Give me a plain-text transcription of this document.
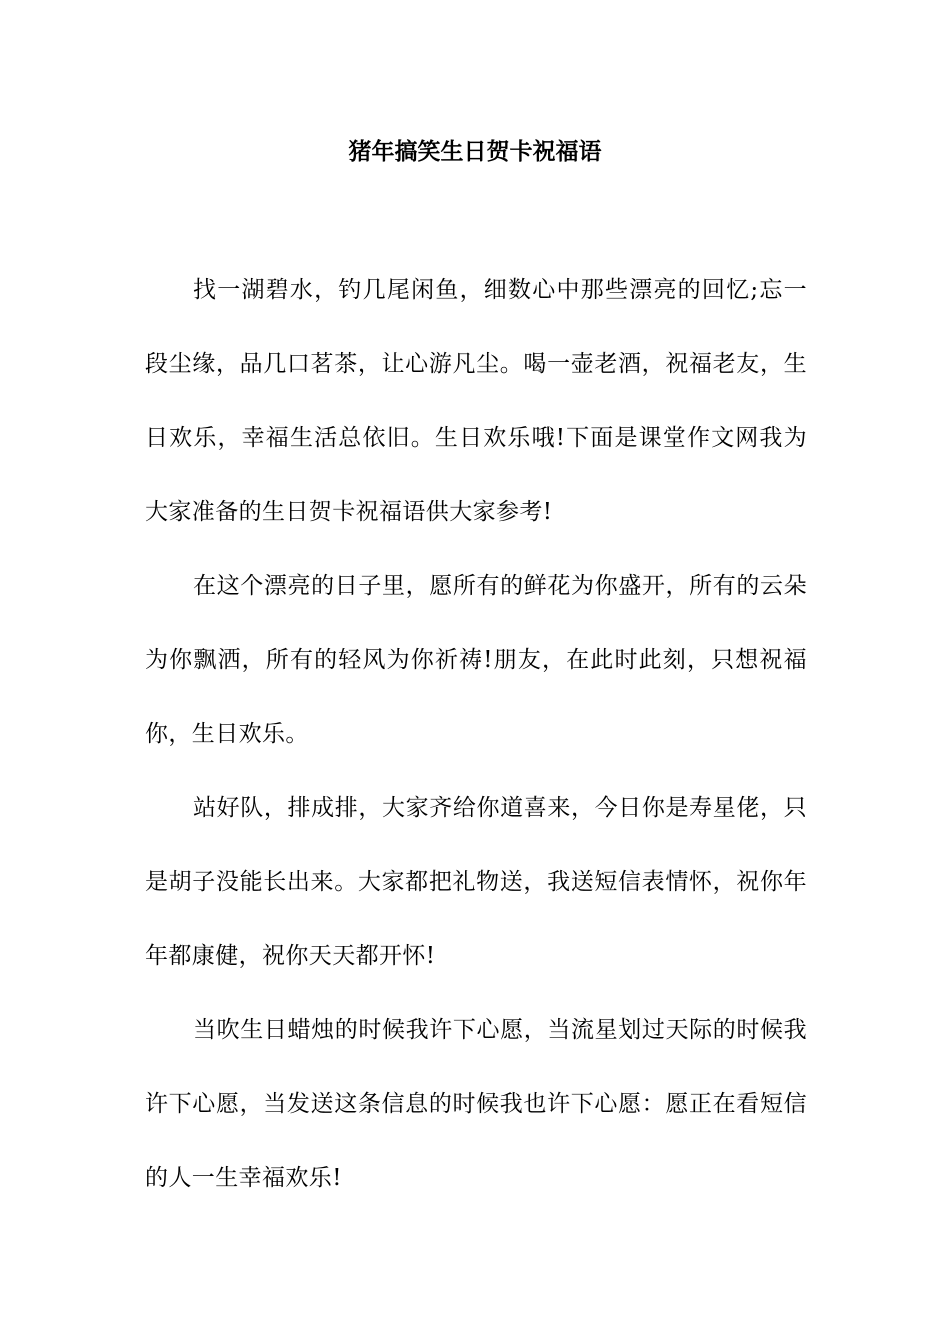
猪年搞笑生日贺卡祝福语

找一湖碧水，钓几尾闲鱼，细数心中那些漂亮的回忆;忘一段尘缘，品几口茗茶，让心游凡尘。喝一壶老酒，祝福老友，生日欢乐，幸福生活总依旧。生日欢乐哦!下面是课堂作文网我为大家准备的生日贺卡祝福语供大家参考!

在这个漂亮的日子里，愿所有的鲜花为你盛开，所有的云朵为你飘洒，所有的轻风为你祈祷!朋友，在此时此刻，只想祝福你，生日欢乐。

站好队，排成排，大家齐给你道喜来，今日你是寿星佬，只是胡子没能长出来。大家都把礼物送，我送短信表情怀，祝你年年都康健，祝你天天都开怀!

当吹生日蜡烛的时候我许下心愿，当流星划过天际的时候我许下心愿，当发送这条信息的时候我也许下心愿：愿正在看短信的人一生幸福欢乐!
